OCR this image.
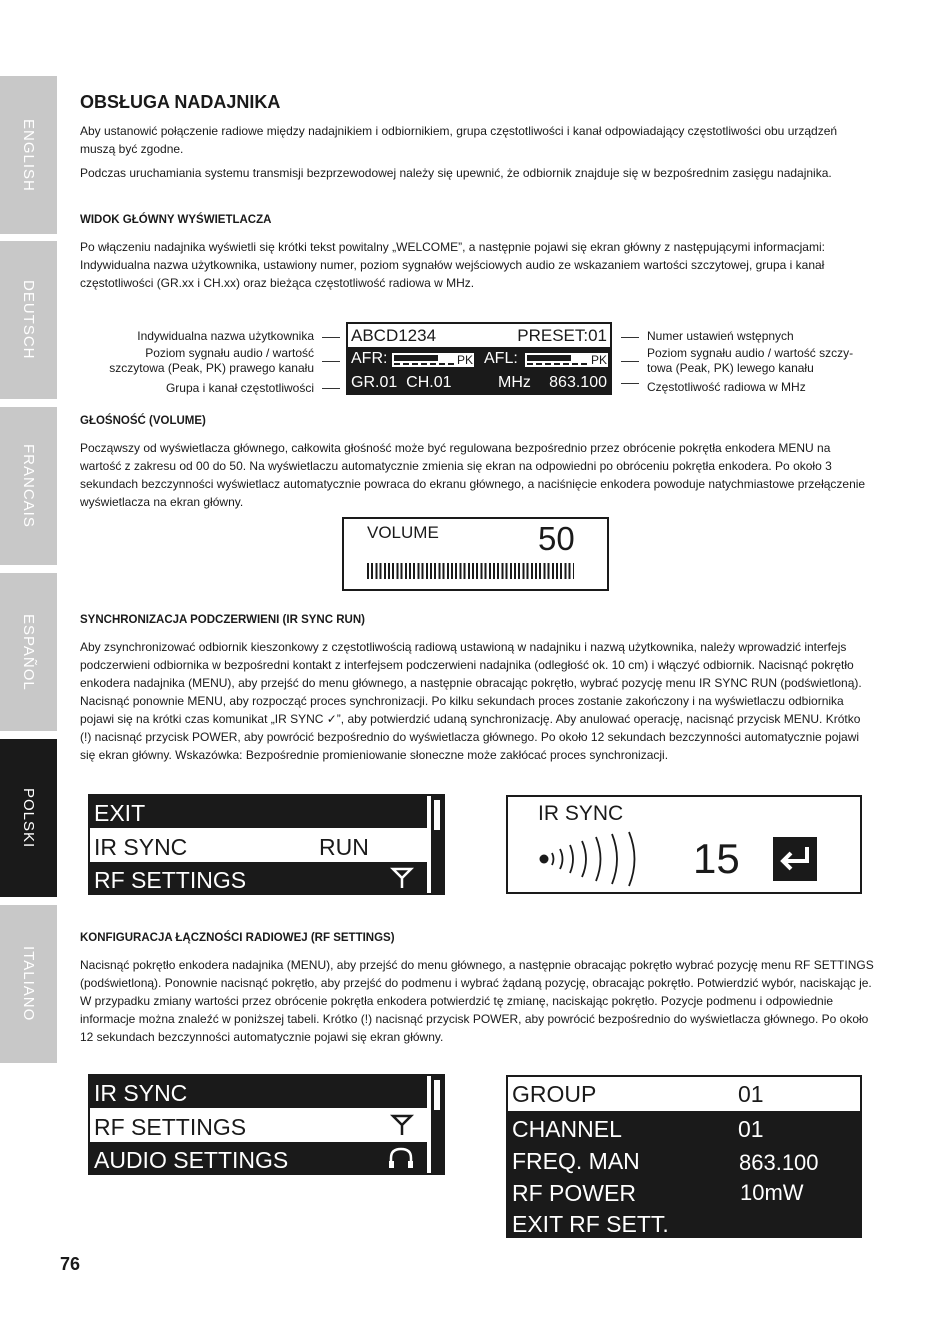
ENGLISH
DEUTSCH
FRANCAIS
ESPAÑOL
POLSKI
ITALIANO
OBSŁUGA NADAJNIKA

Aby ustanowić połączenie radiowe między nadajnikiem i odbiornikiem, grupa częstotliwości i kanał odpowiadający częstotliwości obu urządzeń muszą być zgodne.

Podczas uruchamiania systemu transmisji bezprzewodowej należy się upewnić, że odbiornik znajduje się w bezpośrednim zasięgu nadajnika.

WIDOK GŁÓWNY WYŚWIETLACZA

Po włączeniu nadajnika wyświetli się krótki tekst powitalny „WELCOME”, a następnie pojawi się ekran główny z następującymi informacjami: Indywidualna nazwa użytkownika, ustawiony numer, poziom sygnałów wejściowych audio ze wskazaniem wartości szczytowej, grupa i kanał częstotliwości (GR.xx i CH.xx) oraz bieżąca częstotliwość radiowa w MHz.

Indywidualna nazwa użytkownika
Poziom sygnału audio / wartość
szczytowa (Peak, PK) prawego kanału
Grupa i kanał częstotliwości
Numer ustawień wstępnych
Poziom sygnału audio / wartość szczy-
towa (Peak, PK) lewego kanału
Częstotliwość radiowa w MHz
ABCD1234	PRESET:01
AFR:	PK AFL:	PK
GR.01  CH.01	MHz 863.100
GŁOŚNOŚĆ (VOLUME)

Począwszy od wyświetlacza głównego, całkowita głośność może być regulowana bezpośrednio przez obrócenie pokrętła enkodera MENU na wartość z zakresu od 00 do 50. Na wyświetlaczu automatycznie zmienia się ekran na odpowiedni po obróceniu pokrętła enkodera. Po około 3 sekundach bezczynności wyświetlacz automatycznie powraca do ekranu głównego, a naciśnięcie enkodera powoduje natychmiastowe przełączenie wyświetlacza na ekran główny.

VOLUME	50
SYNCHRONIZACJA PODCZERWIENI (IR SYNC RUN)

Aby zsynchronizować odbiornik kieszonkowy z częstotliwością radiową ustawioną w nadajniku i nazwą użytkownika, należy wprowadzić interfejs podczerwieni odbiornika w bezpośredni kontakt z interfejsem podczerwieni nadajnika (odległość ok. 10 cm) i włączyć odbiornik. Nacisnąć pokrętło enkodera nadajnika (MENU), aby przejść do menu głównego, a następnie obracając pokrętło, wybrać pozycję menu IR SYNC RUN (podświetloną). Nacisnąć ponownie MENU, aby rozpocząć proces synchronizacji. Po kilku sekundach proces zostanie zakończony i na wyświetlaczu odbiornika pojawi się na krótki czas komunikat „IR SYNC ✓”, aby potwierdzić udaną synchronizację. Aby anulować operację, nacisnąć przycisk MENU. Krótko (!) nacisnąć przycisk POWER, aby powrócić bezpośrednio do wyświetlacza głównego. Po około 12 sekundach bezczynności automatycznie pojawi się ekran główny. Wskazówka: Bezpośrednie promieniowanie słoneczne może zakłócać proces synchronizacji.

EXIT
IR SYNC	RUN
RF SETTINGS
IR SYNC
15
KONFIGURACJA ŁĄCZNOŚCI RADIOWEJ (RF SETTINGS)

Nacisnąć pokrętło enkodera nadajnika (MENU), aby przejść do menu głównego, a następnie obracając pokrętło wybrać pozycję menu RF SETTINGS (podświetloną). Ponownie nacisnąć pokrętło, aby przejść do podmenu i wybrać żądaną pozycję, obracając pokrętło. Potwierdzić wybór, naciskając je. W przypadku zmiany wartości przez obrócenie pokrętła enkodera potwierdzić tę zmianę, naciskając pokrętło. Pozycje podmenu i odpowiednie informacje można znaleźć w poniższej tabeli. Krótko (!) nacisnąć przycisk POWER, aby powrócić bezpośrednio do wyświetlacza głównego. Po około 12 sekundach bezczynności automatycznie pojawi się ekran główny.

IR SYNC
RF SETTINGS
AUDIO SETTINGS
GROUP	01
CHANNEL	01
FREQ. MAN	863.100
RF POWER	10mW
EXIT RF SETT.
76
